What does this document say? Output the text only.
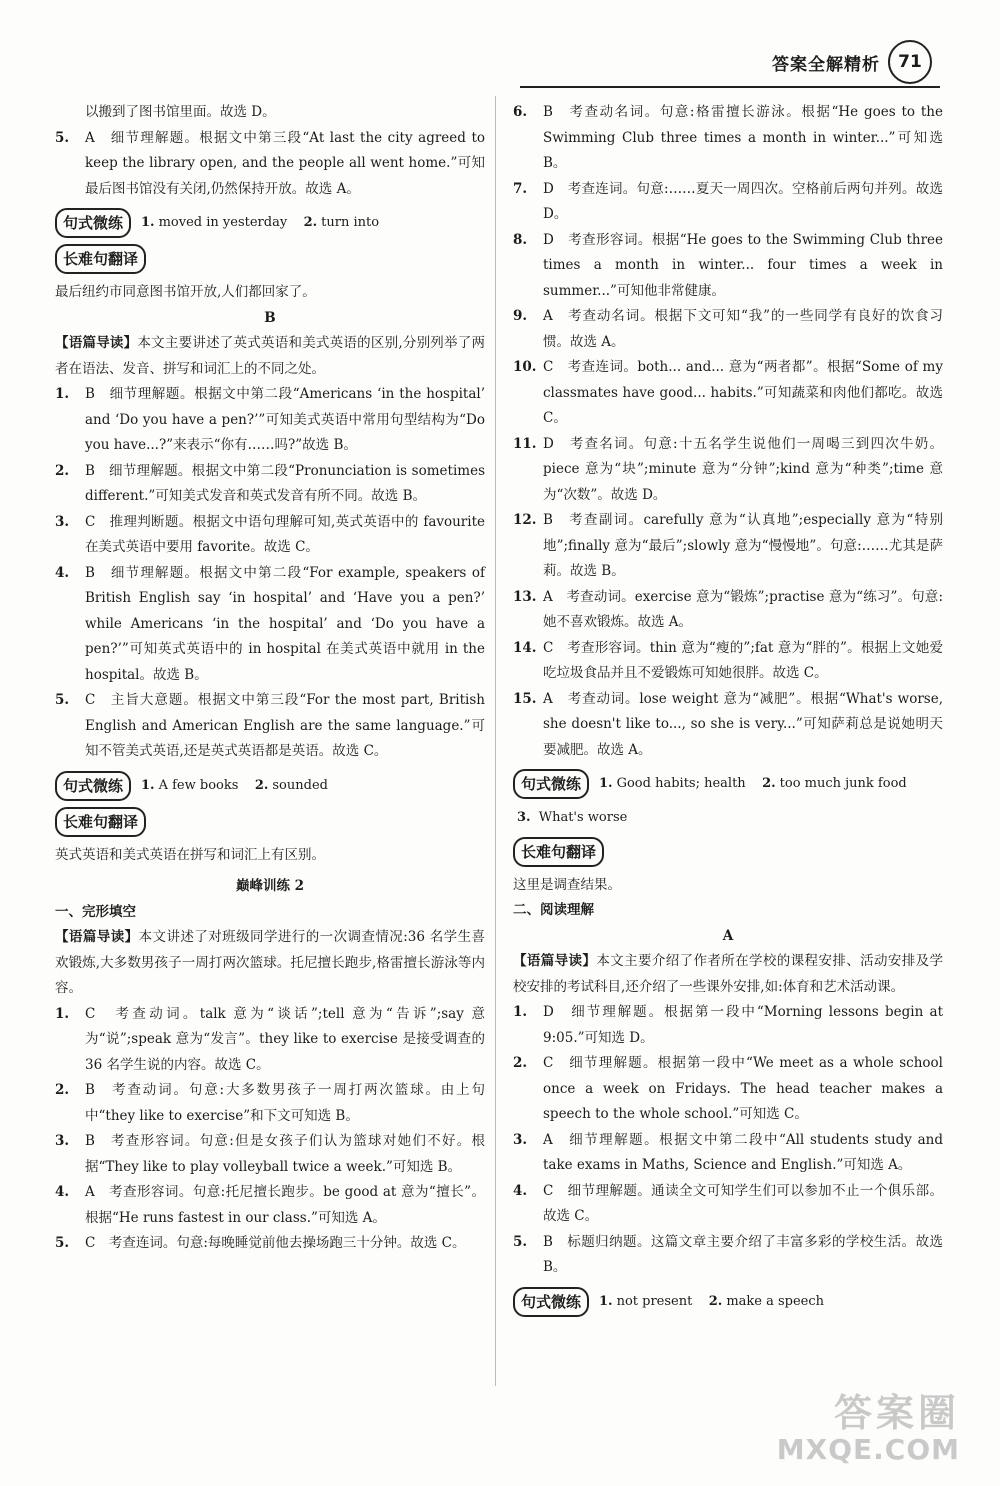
答案全解精析	71

以搬到了图书馆里面。故选 D。

5.	A　细节理解题。根据文中第三段“At last the city agreed to keep the library open, and the people all went home.”可知最后图书馆没有关闭,仍然保持开放。故选 A。
句式微练	1. moved in yesterday 2. turn into
长难句翻译

最后纽约市同意图书馆开放,人们都回家了。

B

【语篇导读】本文主要讲述了英式英语和美式英语的区别,分别列举了两者在语法、发音、拼写和词汇上的不同之处。

1.	B　细节理解题。根据文中第二段“Americans ‘in the hospital’ and ‘Do you have a pen?’”可知美式英语中常用句型结构为“Do you have...?”来表示“你有……吗?”故选 B。
2.	B　细节理解题。根据文中第二段“Pronunciation is sometimes different.”可知美式发音和英式发音有所不同。故选 B。
3.	C　推理判断题。根据文中语句理解可知,英式英语中的 favourite 在美式英语中要用 favorite。故选 C。
4.	B　细节理解题。根据文中第二段“For example, speakers of British English say ‘in hospital’ and ‘Have you a pen?’ while Americans ‘in the hospital’ and ‘Do you have a pen?’”可知英式英语中的 in hospital 在美式英语中就用 in the hospital。故选 B。
5.	C　主旨大意题。根据文中第三段“For the most part, British English and American English are the same language.”可知不管美式英语,还是英式英语都是英语。故选 C。
句式微练	1. A few books 2. sounded
长难句翻译

英式英语和美式英语在拼写和词汇上有区别。

巅峰训练 2

一、完形填空

【语篇导读】本文讲述了对班级同学进行的一次调查情况:36 名学生喜欢锻炼,大多数男孩子一周打两次篮球。托尼擅长跑步,格雷擅长游泳等内容。

1.	C　考查动词。talk 意为“谈话”;tell 意为“告诉”;say 意为“说”;speak 意为“发言”。they like to exercise 是接受调查的 36 名学生说的内容。故选 C。
2.	B　考查动词。句意:大多数男孩子一周打两次篮球。由上句中“they like to exercise”和下文可知选 B。
3.	B　考查形容词。句意:但是女孩子们认为篮球对她们不好。根据“They like to play volleyball twice a week.”可知选 B。
4.	A　考查形容词。句意:托尼擅长跑步。be good at 意为“擅长”。根据“He runs fastest in our class.”可知选 A。
5.	C　考查连词。句意:每晚睡觉前他去操场跑三十分钟。故选 C。
6.	B　考查动名词。句意:格雷擅长游泳。根据“He goes to the Swimming Club three times a month in winter...”可知选 B。
7.	D　考查连词。句意:……夏天一周四次。空格前后两句并列。故选 D。
8.	D　考查形容词。根据“He goes to the Swimming Club three times a month in winter... four times a week in summer...”可知他非常健康。
9.	A　考查动名词。根据下文可知“我”的一些同学有良好的饮食习惯。故选 A。
10. C　考查连词。both... and... 意为“两者都”。根据“Some of my classmates have good... habits.”可知蔬菜和肉他们都吃。故选 C。
11. D　考查名词。句意:十五名学生说他们一周喝三到四次牛奶。piece 意为“块”;minute 意为“分钟”;kind 意为“种类”;time 意为“次数”。故选 D。
12. B　考查副词。carefully 意为“认真地”;especially 意为“特别地”;finally 意为“最后”;slowly 意为“慢慢地”。句意:……尤其是萨莉。故选 B。
13. A　考查动词。exercise 意为“锻炼”;practise 意为“练习”。句意:她不喜欢锻炼。故选 A。
14. C　考查形容词。thin 意为“瘦的”;fat 意为“胖的”。根据上文她爱吃垃圾食品并且不爱锻炼可知她很胖。故选 C。
15. A　考查动词。lose weight 意为“减肥”。根据“What's worse, she doesn't like to..., so she is very...”可知萨莉总是说她明天要减肥。故选 A。
句式微练	1. Good habits; health 2. too much junk food

3. What's worse

长难句翻译

这里是调查结果。

二、阅读理解

A

【语篇导读】本文主要介绍了作者所在学校的课程安排、活动安排及学校安排的考试科目,还介绍了一些课外安排,如:体育和艺术活动课。

1.	D　细节理解题。根据第一段中“Morning lessons begin at 9:05.”可知选 D。
2.	C　细节理解题。根据第一段中“We meet as a whole school once a week on Fridays. The head teacher makes a speech to the whole school.”可知选 C。
3.	A　细节理解题。根据文中第二段中“All students study and take exams in Maths, Science and English.”可知选 A。
4.	C　细节理解题。通读全文可知学生们可以参加不止一个俱乐部。故选 C。
5.	B　标题归纳题。这篇文章主要介绍了丰富多彩的学校生活。故选 B。
句式微练	1. not present 2. make a speech
答案圈
MXQE.COM
